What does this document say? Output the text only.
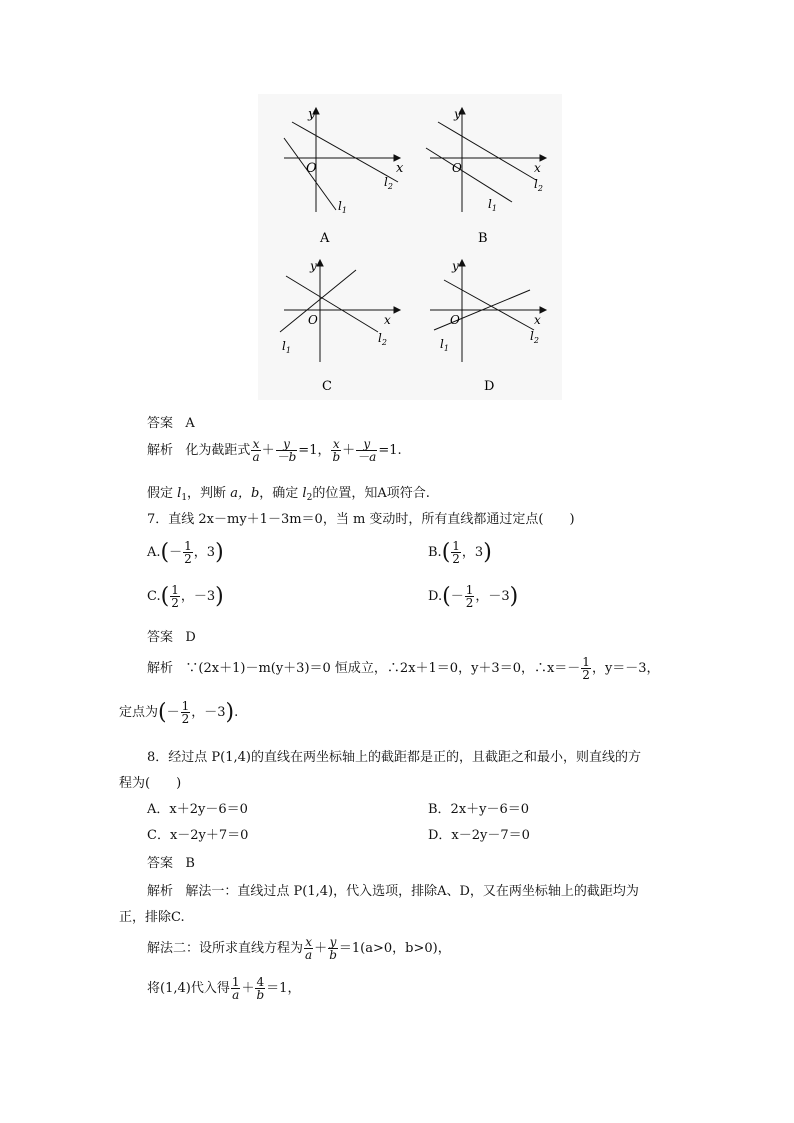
y
x
O
$l_1$
$l_2$
A
y
x
O
$l_1$
$l_2$
B
y
x
O
$l_1$
$l_2$
C
y
x
O
$l_1$
$l_2$
D
答案 A
解析 化为截距式 $\frac{x}{a} + \frac{y}{-b} =1$， $\frac{x}{b} + \frac{y}{-a} =1$.
假定 $l_1$，判断 a，b，确定 $l_2$的位置，知A项符合.
7．直线 2x－my＋1－3m＝0，当 m 变动时，所有直线都通过定点(　　)
$A.(- \frac{1}{2}$ ，3)	$B.( \frac{1}{2}$ ，3)
$C.( \frac{1}{2}$ ，－3)	$D.(- \frac{1}{2}$ ，－3)
答案 D
解析 ∵(2x＋1)－m(y＋3)＝0 恒成立，∴2x＋1＝0，y＋3＝0，∴x＝－ $\frac{1}{2}$ ，y＝－3，
定点为(－ $\frac{1}{2}$ ，－3).
8．经过点 P(1,4)的直线在两坐标轴上的截距都是正的，且截距之和最小，则直线的方
程为(　　)
A．x＋2y－6＝0	B．2x＋y－6＝0
C．x－2y＋7＝0	D．x－2y－7＝0
答案 B
解析 解法一：直线过点 P(1,4)，代入选项，排除A、D，又在两坐标轴上的截距均为
正，排除C.
解法二：设所求直线方程为 $\frac{x}{a} + \frac{y}{b} =1(a>0$，b>0)，
将(1,4)代入得 $\frac{1}{a} + \frac{4}{b} =1$，
